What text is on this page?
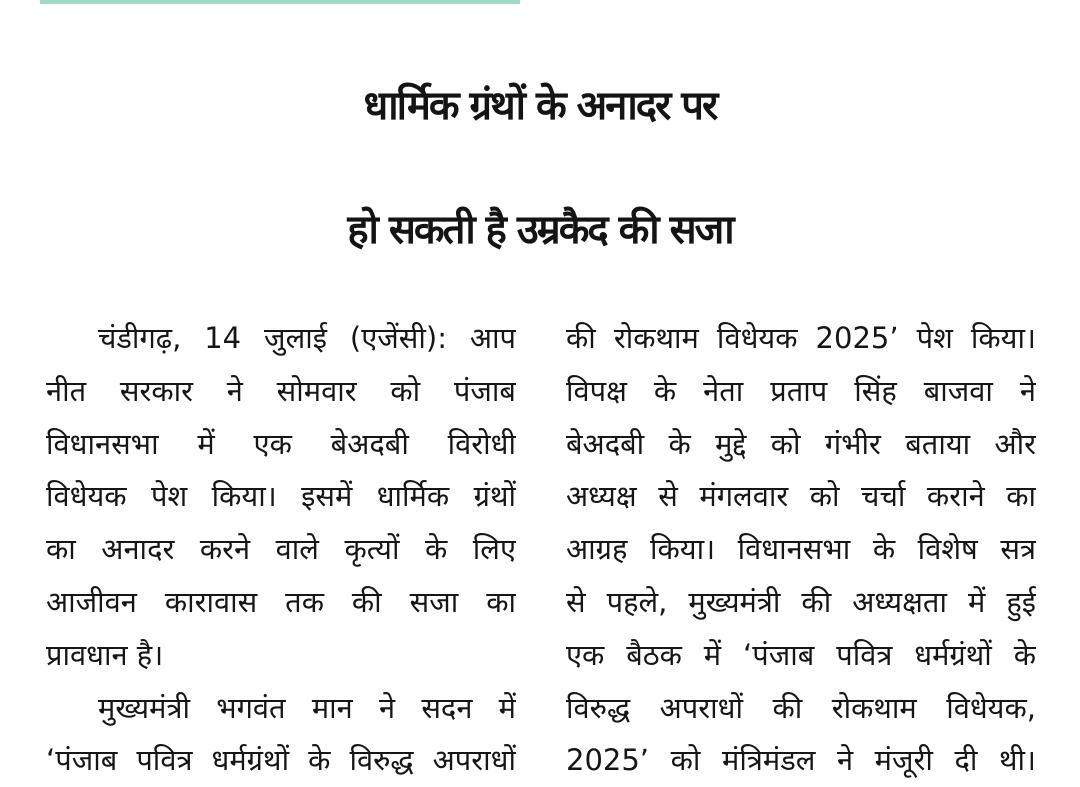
धार्मिक ग्रंथों के अनादर पर
हो सकती है उम्रकैद की सजा
चंडीगढ़, 14 जुलाई (एजेंसी): आप
नीत सरकार ने सोमवार को पंजाब
विधानसभा में एक बेअदबी विरोधी
विधेयक पेश किया। इसमें धार्मिक ग्रंथों
का अनादर करने वाले कृत्यों के लिए
आजीवन कारावास तक की सजा का
प्रावधान है।
मुख्यमंत्री भगवंत मान ने सदन में
‘पंजाब पवित्र धर्मग्रंथों के विरुद्ध अपराधों
की रोकथाम विधेयक 2025’ पेश किया।
विपक्ष के नेता प्रताप सिंह बाजवा ने
बेअदबी के मुद्दे को गंभीर बताया और
अध्यक्ष से मंगलवार को चर्चा कराने का
आग्रह किया। विधानसभा के विशेष सत्र
से पहले, मुख्यमंत्री की अध्यक्षता में हुई
एक बैठक में ‘पंजाब पवित्र धर्मग्रंथों के
विरुद्ध अपराधों की रोकथाम विधेयक,
2025’ को मंत्रिमंडल ने मंजूरी दी थी।
